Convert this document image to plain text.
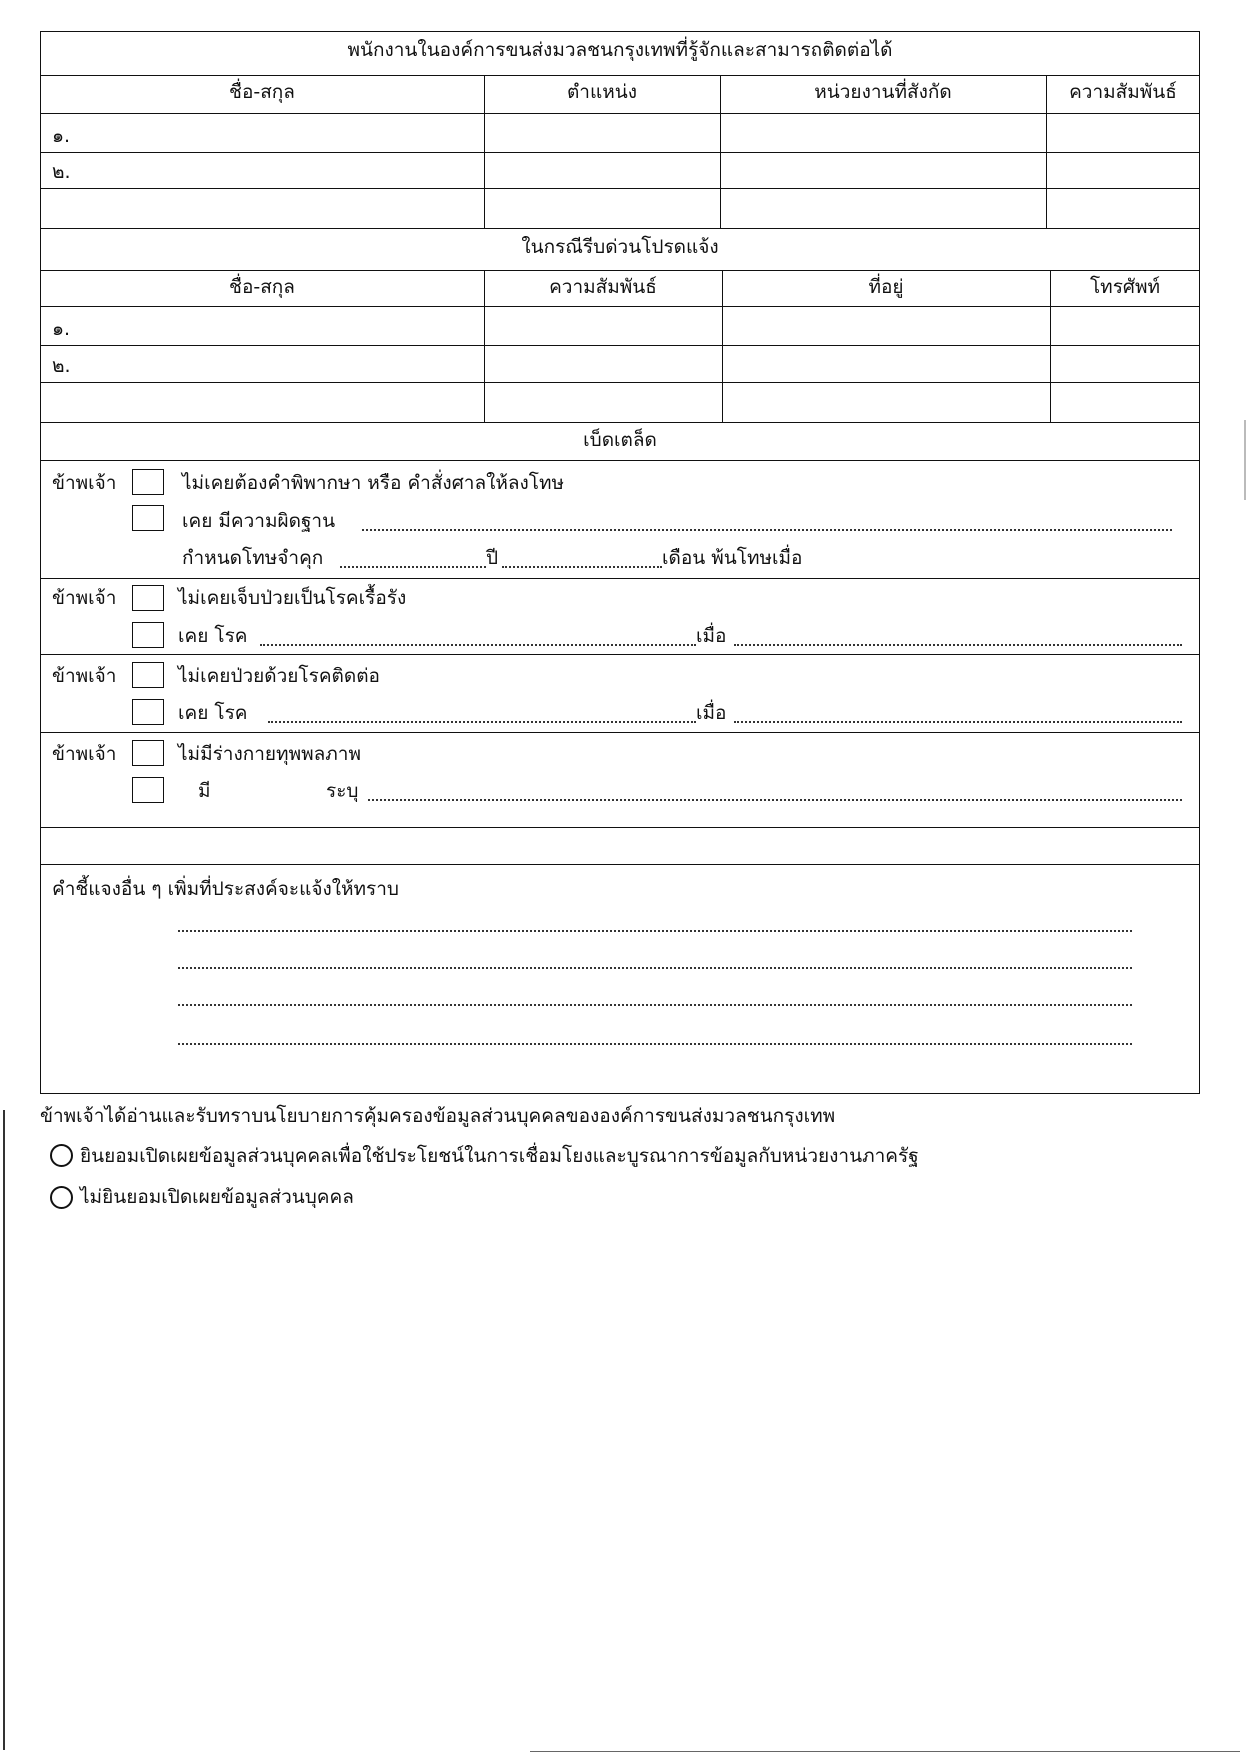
พนักงานในองค์การขนส่งมวลชนกรุงเทพที่รู้จักและสามารถติดต่อได้
ชื่อ-สกุล	ตำแหน่ง	หน่วยงานที่สังกัด	ความสัมพันธ์
๑.
๒.
ในกรณีรีบด่วนโปรดแจ้ง
ชื่อ-สกุล	ความสัมพันธ์	ที่อยู่	โทรศัพท์
๑.
๒.
เบ็ดเตล็ด
ข้าพเจ้า	ไม่เคยต้องคำพิพากษา หรือ คำสั่งศาลให้ลงโทษ
เคย มีความผิดฐาน
กำหนดโทษจำคุก	ปี	เดือน พ้นโทษเมื่อ
ข้าพเจ้า	ไม่เคยเจ็บป่วยเป็นโรคเรื้อรัง
เคย โรค	เมื่อ
ข้าพเจ้า	ไม่เคยป่วยด้วยโรคติดต่อ
เคย โรค	เมื่อ
ข้าพเจ้า	ไม่มีร่างกายทุพพลภาพ
มี	ระบุ
คำชี้แจงอื่น ๆ เพิ่มที่ประสงค์จะแจ้งให้ทราบ
ข้าพเจ้าได้อ่านและรับทราบนโยบายการคุ้มครองข้อมูลส่วนบุคคลขององค์การขนส่งมวลชนกรุงเทพ
ยินยอมเปิดเผยข้อมูลส่วนบุคคลเพื่อใช้ประโยชน์ในการเชื่อมโยงและบูรณาการข้อมูลกับหน่วยงานภาครัฐ
ไม่ยินยอมเปิดเผยข้อมูลส่วนบุคคล
